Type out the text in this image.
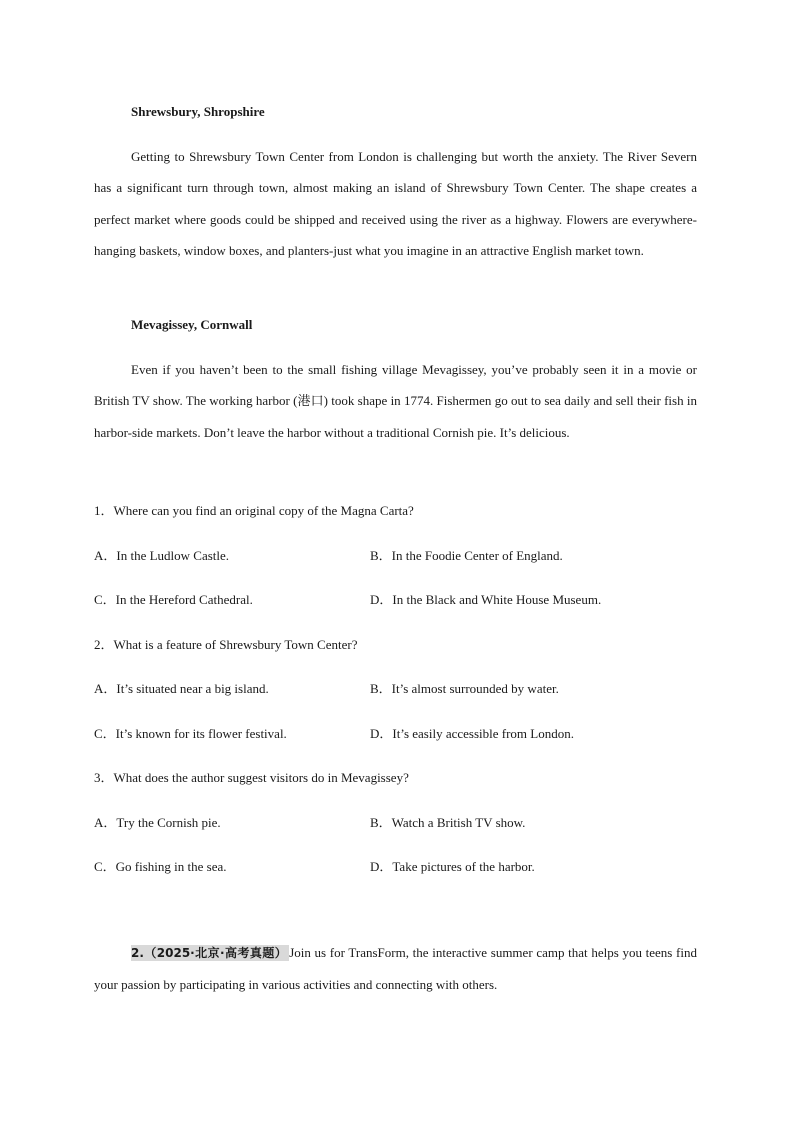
Shrewsbury, Shropshire

Getting to Shrewsbury Town Center from London is challenging but worth the anxiety. The River Severn has a significant turn through town, almost making an island of Shrewsbury Town Center. The shape creates a perfect market where goods could be shipped and received using the river as a highway. Flowers are everywhere-hanging baskets, window boxes, and planters-just what you imagine in an attractive English market town.

Mevagissey, Cornwall

Even if you haven’t been to the small fishing village Mevagissey, you’ve probably seen it in a movie or British TV show. The working harbor (港口) took shape in 1774. Fishermen go out to sea daily and sell their fish in harbor-side markets. Don’t leave the harbor without a traditional Cornish pie. It’s delicious.

1．Where can you find an original copy of the Magna Carta?
A．In the Ludlow Castle.	B．In the Foodie Center of England.
C．In the Hereford Cathedral.	D．In the Black and White House Museum.
2．What is a feature of Shrewsbury Town Center?
A．It’s situated near a big island.	B．It’s almost surrounded by water.
C．It’s known for its flower festival.	D．It’s easily accessible from London.
3．What does the author suggest visitors do in Mevagissey?
A．Try the Cornish pie.	B．Watch a British TV show.
C．Go fishing in the sea.	D．Take pictures of the harbor.

2.（2025·北京·高考真题） Join us for TransForm, the interactive summer camp that helps you teens find your passion by participating in various activities and connecting with others.
